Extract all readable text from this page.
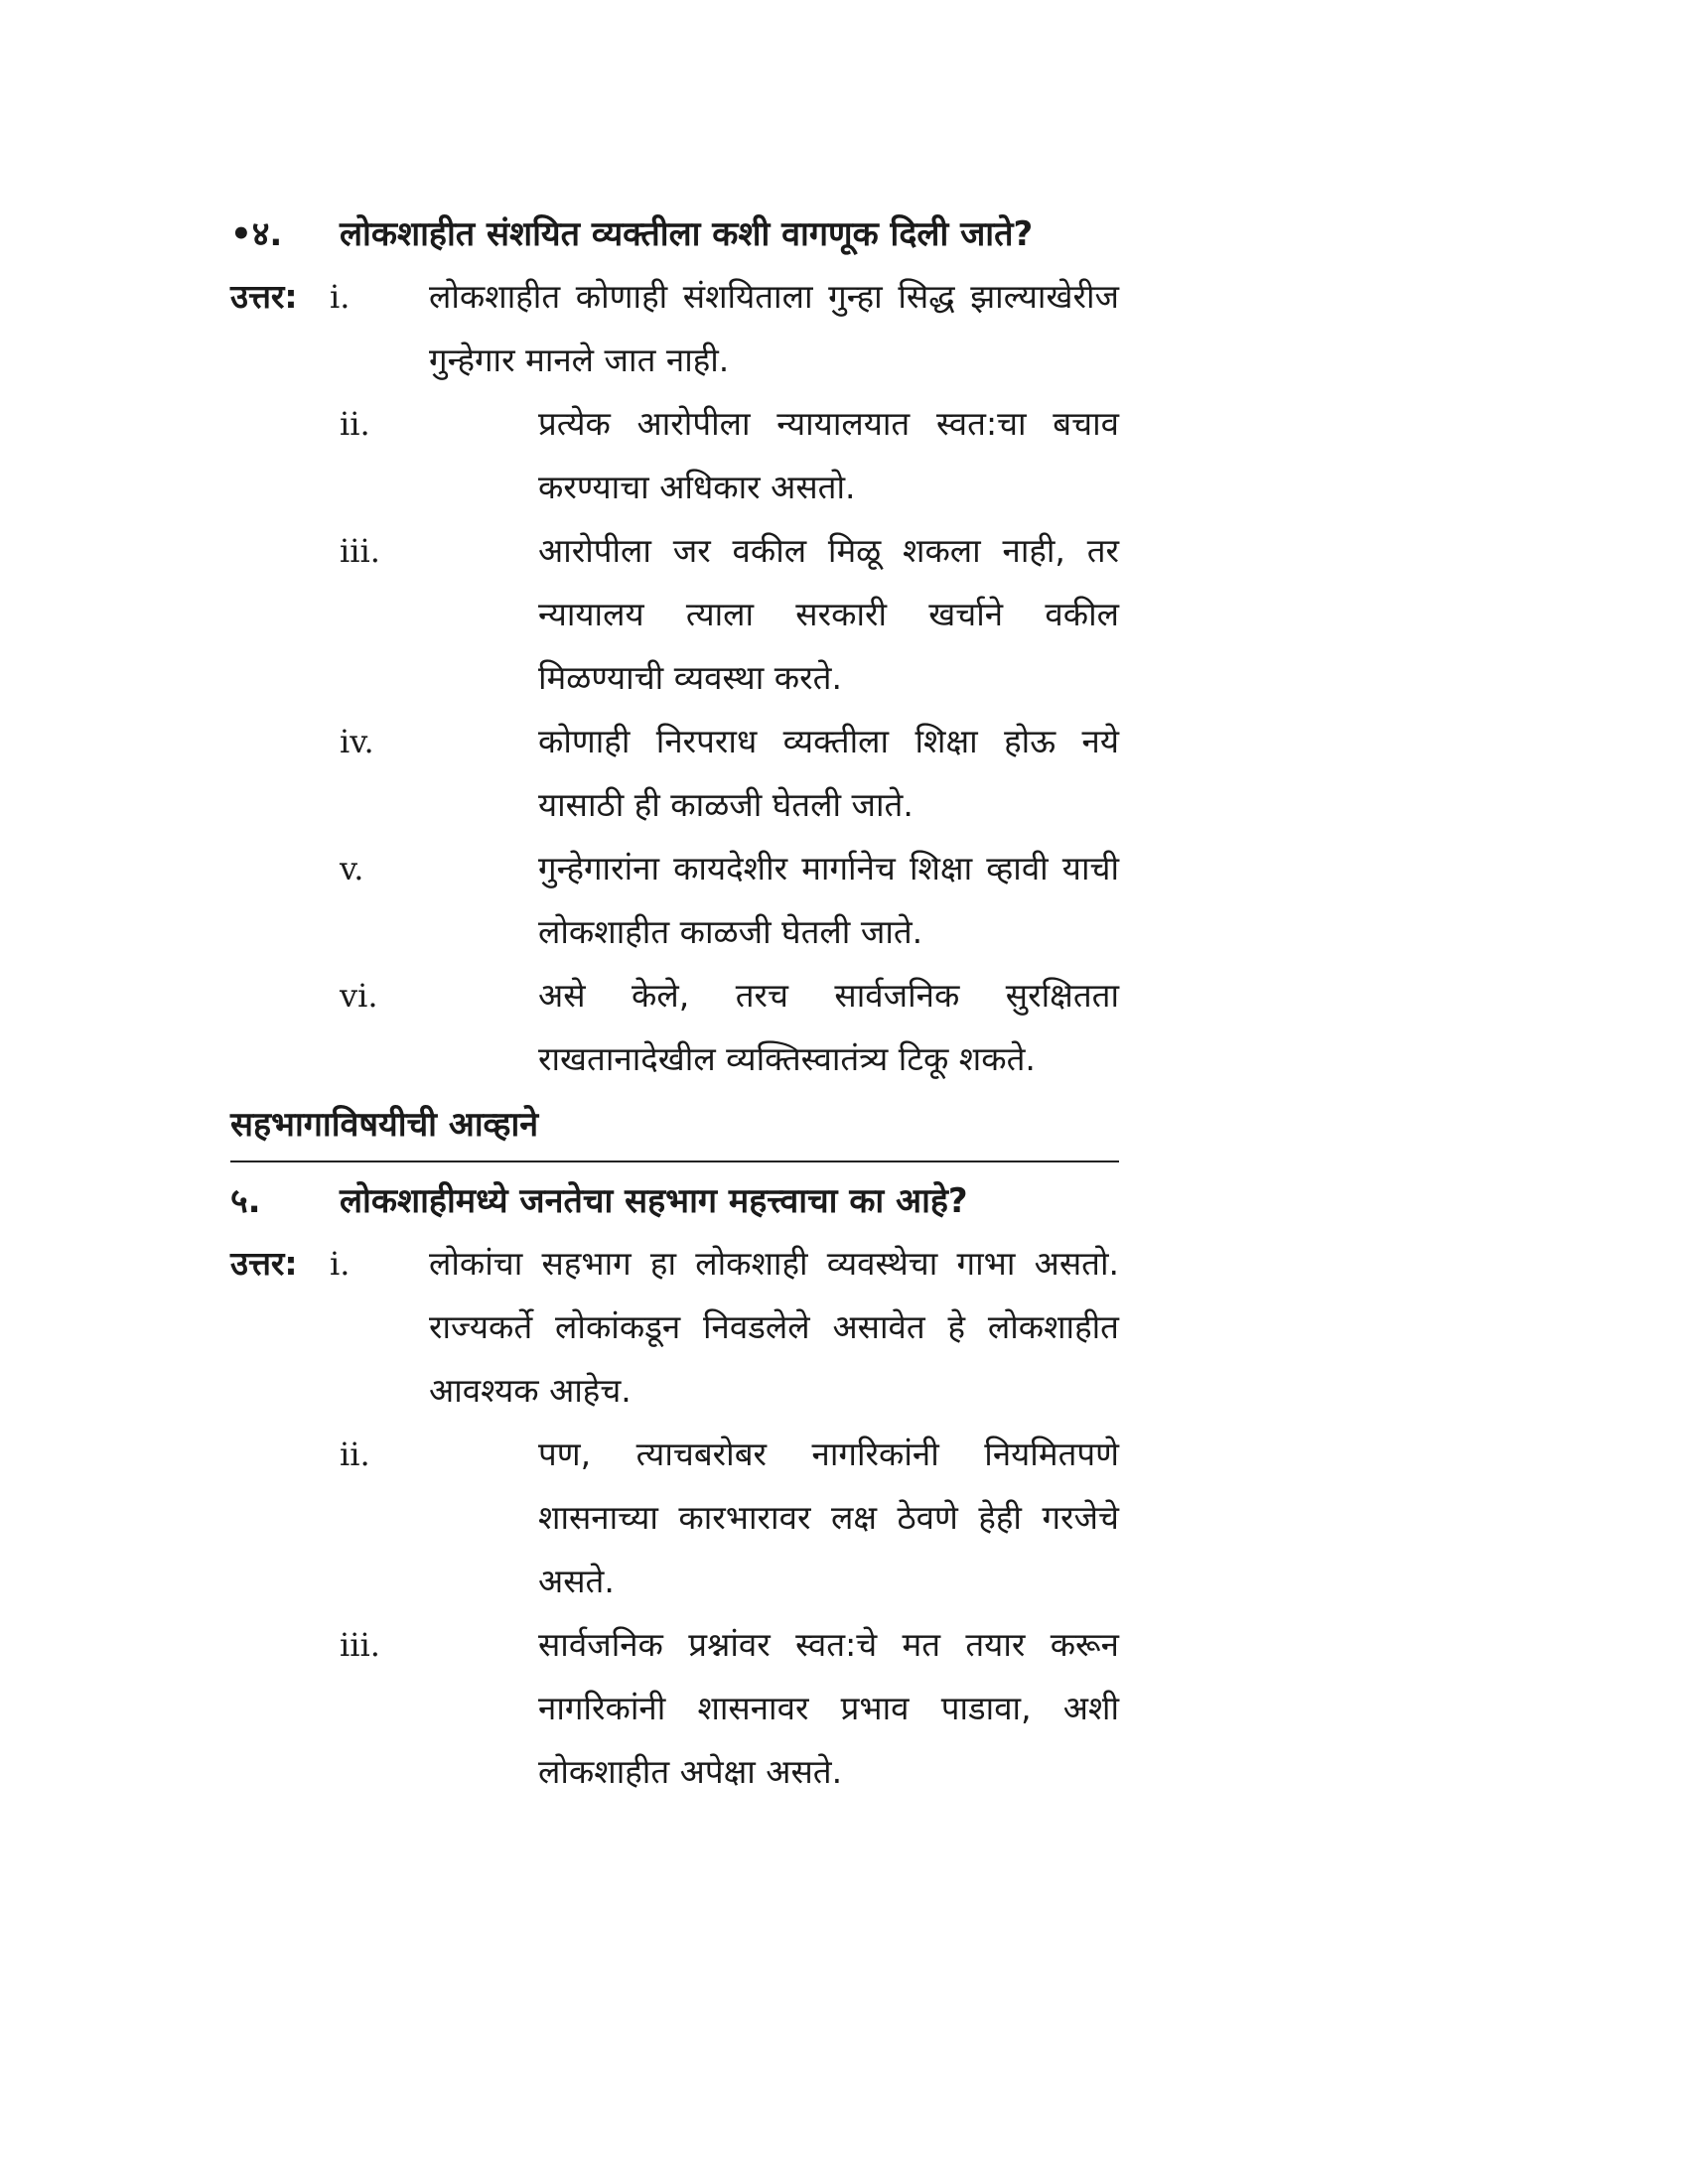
•४.	लोकशाहीत संशयित व्यक्तीला कशी वागणूक दिली जाते?
उत्तर:	i.	लोकशाहीत कोणाही संशयिताला गुन्हा सिद्ध झाल्याखेरीज गुन्हेगार मानले जात नाही.
ii.	प्रत्येक आरोपीला न्यायालयात स्वत:चा बचाव करण्याचा अधिकार असतो.
iii.	आरोपीला जर वकील मिळू शकला नाही, तर न्यायालय त्याला सरकारी खर्चाने वकील मिळण्याची व्यवस्था करते.
iv.	कोणाही निरपराध व्यक्तीला शिक्षा होऊ नये यासाठी ही काळजी घेतली जाते.
v.	गुन्हेगारांना कायदेशीर मार्गानेच शिक्षा व्हावी याची लोकशाहीत काळजी घेतली जाते.
vi.	असे केले, तरच सार्वजनिक सुरक्षितता राखतानादेखील व्यक्तिस्वातंत्र्य टिकू शकते.
सहभागाविषयीची आव्हाने
५.	लोकशाहीमध्ये जनतेचा सहभाग महत्त्वाचा का आहे?
उत्तर:	i.	लोकांचा सहभाग हा लोकशाही व्यवस्थेचा गाभा असतो. राज्यकर्ते लोकांकडून निवडलेले असावेत हे लोकशाहीत आवश्यक आहेच.
ii.	पण, त्याचबरोबर नागरिकांनी नियमितपणे शासनाच्या कारभारावर लक्ष ठेवणे हेही गरजेचे असते.
iii.	सार्वजनिक प्रश्नांवर स्वत:चे मत तयार करून नागरिकांनी शासनावर प्रभाव पाडावा, अशी लोकशाहीत अपेक्षा असते.
